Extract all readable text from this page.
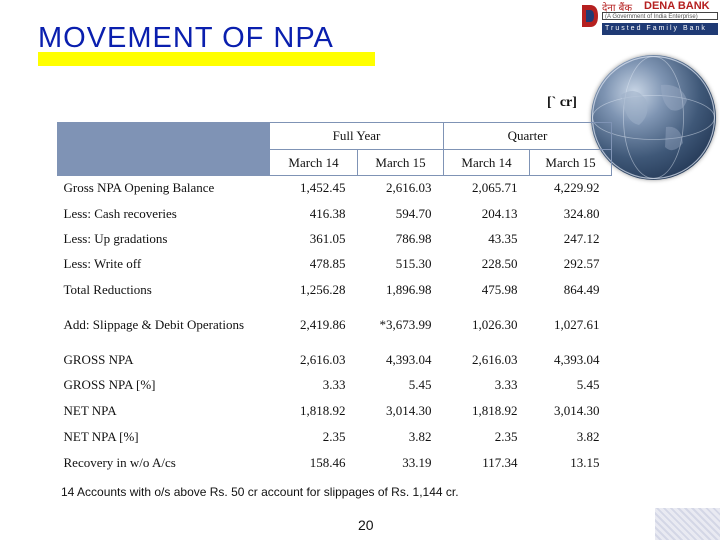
MOVEMENT OF NPA
देना बैंक DENA BANK
(A Government of India Enterprise)
Trusted Family Bank
[` cr]
	Full Year		Quarter	
	March 14	March 15	March 14	March 15
Gross NPA Opening Balance	1,452.45	2,616.03	2,065.71	4,229.92
Less: Cash recoveries	416.38	594.70	204.13	324.80
Less: Up gradations	361.05	786.98	43.35	247.12
Less: Write off	478.85	515.30	228.50	292.57
Total Reductions	1,256.28	1,896.98	475.98	864.49
Add: Slippage & Debit Operations	2,419.86	*3,673.99	1,026.30	1,027.61
GROSS NPA	2,616.03	4,393.04	2,616.03	4,393.04
GROSS NPA [%]	3.33	5.45	3.33	5.45
NET NPA	1,818.92	3,014.30	1,818.92	3,014.30
NET NPA [%]	2.35	3.82	2.35	3.82
Recovery in w/o A/cs	158.46	33.19	117.34	13.15
14 Accounts with o/s above Rs. 50 cr account for slippages of Rs. 1,144 cr.
20
